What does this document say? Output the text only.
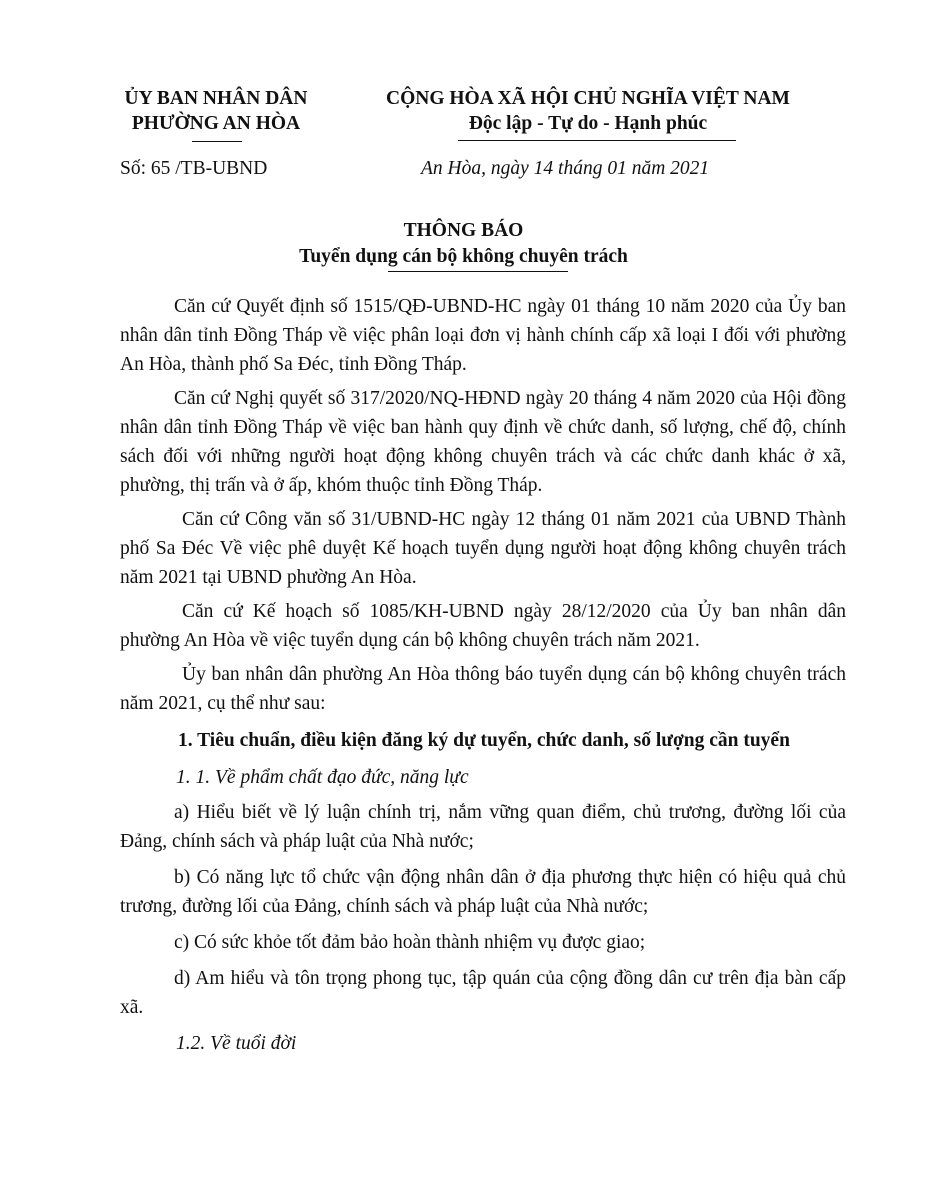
ỦY BAN NHÂN DÂN
PHƯỜNG AN HÒA
CỘNG HÒA XÃ HỘI CHỦ NGHĨA VIỆT NAM
Độc lập - Tự do - Hạnh phúc
Số: 65 /TB-UBND	An Hòa, ngày 14 tháng 01 năm 2021
THÔNG BÁO
Tuyển dụng cán bộ không chuyên trách

Căn cứ Quyết định số 1515/QĐ-UBND-HC ngày 01 tháng 10 năm 2020 của Ủy ban nhân dân tỉnh Đồng Tháp về việc phân loại đơn vị hành chính cấp xã loại I đối với phường An Hòa, thành phố Sa Đéc, tỉnh Đồng Tháp.

Căn cứ Nghị quyết số 317/2020/NQ-HĐND ngày 20 tháng 4 năm 2020 của Hội đồng nhân dân tỉnh Đồng Tháp về việc ban hành quy định về chức danh, số lượng, chế độ, chính sách đối với những người hoạt động không chuyên trách và các chức danh khác ở xã, phường, thị trấn và ở ấp, khóm thuộc tỉnh Đồng Tháp.

Căn cứ Công văn số 31/UBND-HC ngày 12 tháng 01 năm 2021 của UBND Thành phố Sa Đéc Về việc phê duyệt Kế hoạch tuyển dụng người hoạt động không chuyên trách năm 2021 tại UBND phường An Hòa.

Căn cứ Kế hoạch số 1085/KH-UBND ngày 28/12/2020 của Ủy ban nhân dân phường An Hòa về việc tuyển dụng cán bộ không chuyên trách năm 2021.

Ủy ban nhân dân phường An Hòa thông báo tuyển dụng cán bộ không chuyên trách năm 2021, cụ thể như sau:

1. Tiêu chuẩn, điều kiện đăng ký dự tuyển, chức danh, số lượng cần tuyển

1. 1. Về phẩm chất đạo đức, năng lực

a) Hiểu biết về lý luận chính trị, nắm vững quan điểm, chủ trương, đường lối của Đảng, chính sách và pháp luật của Nhà nước;

b) Có năng lực tổ chức vận động nhân dân ở địa phương thực hiện có hiệu quả chủ trương, đường lối của Đảng, chính sách và pháp luật của Nhà nước;

c) Có sức khỏe tốt đảm bảo hoàn thành nhiệm vụ được giao;

d) Am hiểu và tôn trọng phong tục, tập quán của cộng đồng dân cư trên địa bàn cấp xã.

1.2. Về tuổi đời
